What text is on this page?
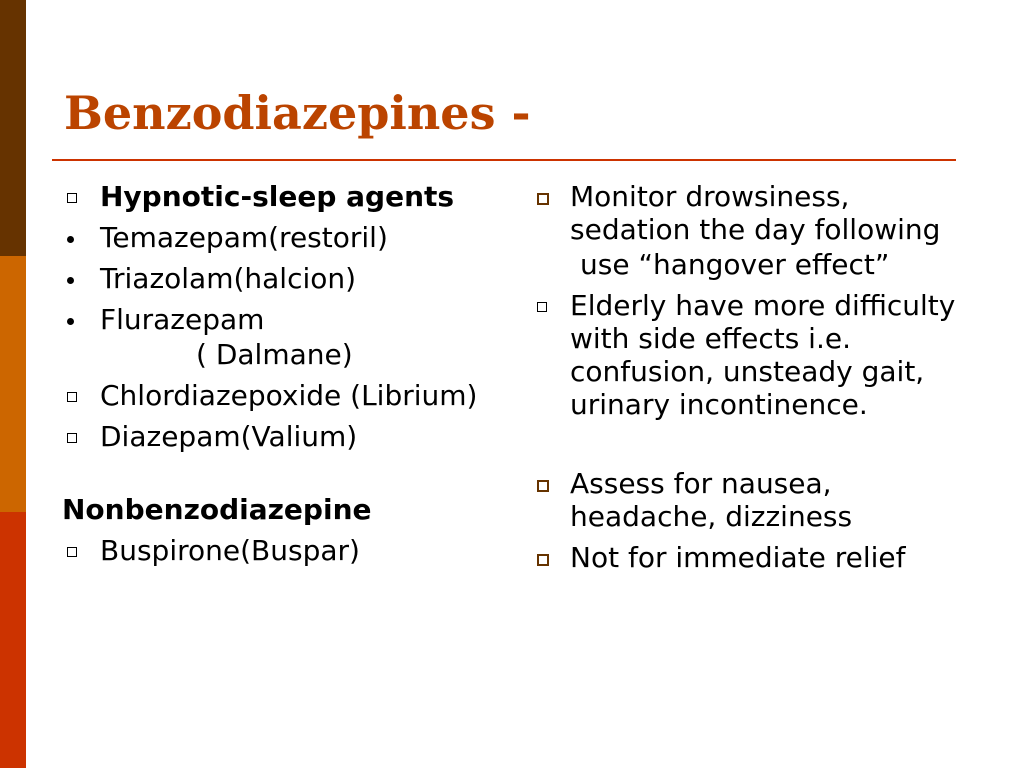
Benzodiazepines -
Hypnotic-sleep agents
Temazepam(restoril)
Triazolam(halcion)
Flurazepam
( Dalmane)
Chlordiazepoxide (Librium)
Diazepam(Valium)
Nonbenzodiazepine
Buspirone(Buspar)
Monitor drowsiness, sedation the day following
use “hangover effect”
Elderly have more difficulty with side effects i.e. confusion, unsteady gait, urinary incontinence.
Assess for nausea, headache, dizziness
Not for immediate relief
